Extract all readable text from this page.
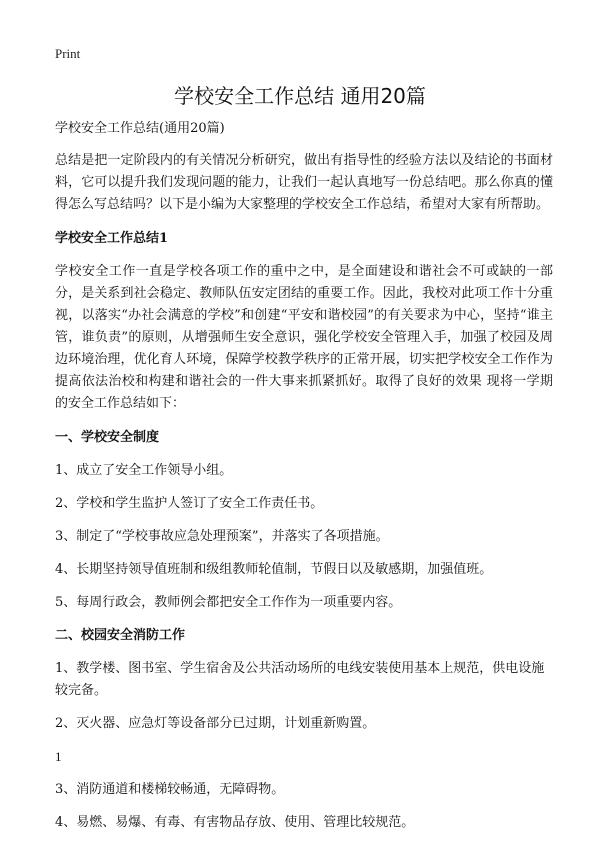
Print
学校安全工作总结 通用20篇

学校安全工作总结(通用20篇)

总结是把一定阶段内的有关情况分析研究，做出有指导性的经验方法以及结论的书面材料，它可以提升我们发现问题的能力，让我们一起认真地写一份总结吧。那么你真的懂得怎么写总结吗？以下是小编为大家整理的学校安全工作总结，希望对大家有所帮助。

学校安全工作总结1

学校安全工作一直是学校各项工作的重中之中，是全面建设和谐社会不可或缺的一部分，是关系到社会稳定、教师队伍安定团结的重要工作。因此，我校对此项工作十分重视，以落实“办社会满意的学校”和创建“平安和谐校园”的有关要求为中心，坚持“谁主管，谁负责”的原则，从增强师生安全意识，强化学校安全管理入手，加强了校园及周边环境治理，优化育人环境，保障学校教学秩序的正常开展，切实把学校安全工作作为提高依法治校和构建和谐社会的一件大事来抓紧抓好。取得了良好的效果 现将一学期的安全工作总结如下：

一、学校安全制度

1、成立了安全工作领导小组。

2、学校和学生监护人签订了安全工作责任书。

3、制定了“学校事故应急处理预案”，并落实了各项措施。

4、长期坚持领导值班制和级组教师轮值制，节假日以及敏感期，加强值班。

5、每周行政会，教师例会都把安全工作作为一项重要内容。

二、校园安全消防工作

1、教学楼、图书室、学生宿舍及公共活动场所的电线安装使用基本上规范，供电设施较完备。

2、灭火器、应急灯等设备部分已过期，计划重新购置。

1

3、消防通道和楼梯较畅通，无障碍物。

4、易燃、易爆、有毒、有害物品存放、使用、管理比较规范。
